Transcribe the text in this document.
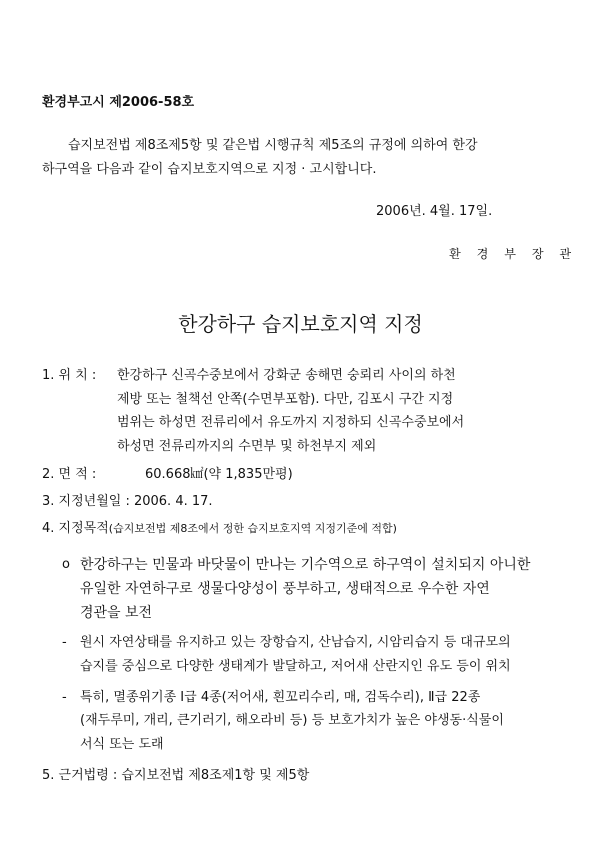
환경부고시 제2006-58호
습지보전법 제8조제5항 및 같은법 시행규칙 제5조의 규정에 의하여 한강
하구역을 다음과 같이 습지보호지역으로 지정 · 고시합니다.
2006년. 4월. 17일.
환 경 부 장 관
한강하구 습지보호지역 지정
1. 위 치 : 한강하구 신곡수중보에서 강화군 송해면 숭뢰리 사이의 하천
제방 또는 철책선 안쪽(수면부포함). 다만, 김포시 구간 지정
범위는 하성면 전류리에서 유도까지 지정하되 신곡수중보에서
하성면 전류리까지의 수면부 및 하천부지 제외
2. 면 적 :	60.668㎢(약 1,835만평)
3. 지정년월일 : 2006. 4. 17.
4. 지정목적(습지보전법 제8조에서 정한 습지보호지역 지정기준에 적합)
o 한강하구는 민물과 바닷물이 만나는 기수역으로 하구역이 설치되지 아니한
유일한 자연하구로 생물다양성이 풍부하고, 생태적으로 우수한 자연
경관을 보전
- 원시 자연상태를 유지하고 있는 장항습지, 산남습지, 시암리습지 등 대규모의
습지를 중심으로 다양한 생태계가 발달하고, 저어새 산란지인 유도 등이 위치
- 특히, 멸종위기종 Ⅰ급 4종(저어새, 흰꼬리수리, 매, 검독수리), Ⅱ급 22종
(재두루미, 개리, 큰기러기, 해오라비 등) 등 보호가치가 높은 야생동·식물이
서식 또는 도래
5. 근거법령 : 습지보전법 제8조제1항 및 제5항
